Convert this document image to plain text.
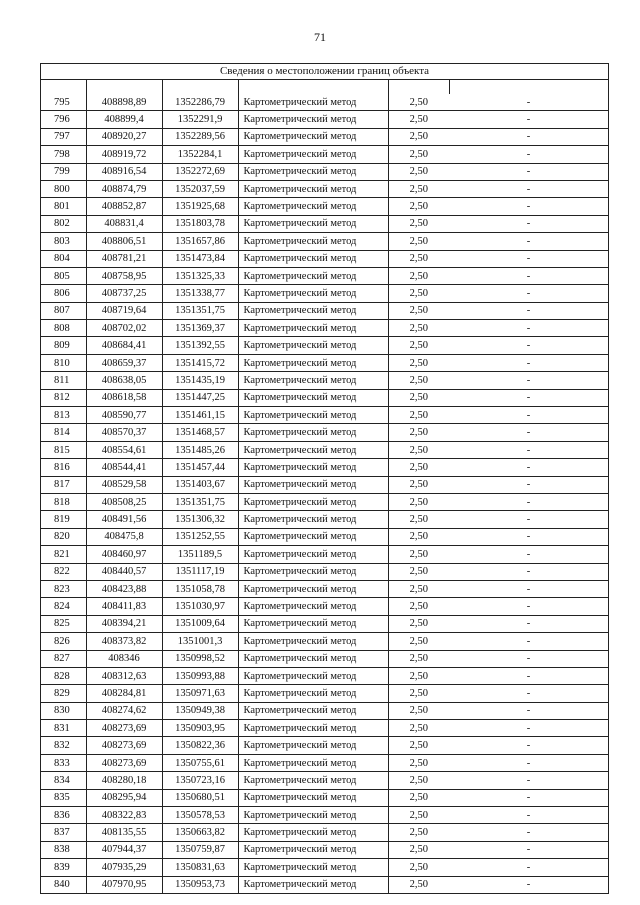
71
Сведения о местоположении границ объекта

795	408898,89	1352286,79	Картометрический метод	2,50	-
796	408899,4	1352291,9	Картометрический метод	2,50	-
797	408920,27	1352289,56	Картометрический метод	2,50	-
798	408919,72	1352284,1	Картометрический метод	2,50	-
799	408916,54	1352272,69	Картометрический метод	2,50	-
800	408874,79	1352037,59	Картометрический метод	2,50	-
801	408852,87	1351925,68	Картометрический метод	2,50	-
802	408831,4	1351803,78	Картометрический метод	2,50	-
803	408806,51	1351657,86	Картометрический метод	2,50	-
804	408781,21	1351473,84	Картометрический метод	2,50	-
805	408758,95	1351325,33	Картометрический метод	2,50	-
806	408737,25	1351338,77	Картометрический метод	2,50	-
807	408719,64	1351351,75	Картометрический метод	2,50	-
808	408702,02	1351369,37	Картометрический метод	2,50	-
809	408684,41	1351392,55	Картометрический метод	2,50	-
810	408659,37	1351415,72	Картометрический метод	2,50	-
811	408638,05	1351435,19	Картометрический метод	2,50	-
812	408618,58	1351447,25	Картометрический метод	2,50	-
813	408590,77	1351461,15	Картометрический метод	2,50	-
814	408570,37	1351468,57	Картометрический метод	2,50	-
815	408554,61	1351485,26	Картометрический метод	2,50	-
816	408544,41	1351457,44	Картометрический метод	2,50	-
817	408529,58	1351403,67	Картометрический метод	2,50	-
818	408508,25	1351351,75	Картометрический метод	2,50	-
819	408491,56	1351306,32	Картометрический метод	2,50	-
820	408475,8	1351252,55	Картометрический метод	2,50	-
821	408460,97	1351189,5	Картометрический метод	2,50	-
822	408440,57	1351117,19	Картометрический метод	2,50	-
823	408423,88	1351058,78	Картометрический метод	2,50	-
824	408411,83	1351030,97	Картометрический метод	2,50	-
825	408394,21	1351009,64	Картометрический метод	2,50	-
826	408373,82	1351001,3	Картометрический метод	2,50	-
827	408346	1350998,52	Картометрический метод	2,50	-
828	408312,63	1350993,88	Картометрический метод	2,50	-
829	408284,81	1350971,63	Картометрический метод	2,50	-
830	408274,62	1350949,38	Картометрический метод	2,50	-
831	408273,69	1350903,95	Картометрический метод	2,50	-
832	408273,69	1350822,36	Картометрический метод	2,50	-
833	408273,69	1350755,61	Картометрический метод	2,50	-
834	408280,18	1350723,16	Картометрический метод	2,50	-
835	408295,94	1350680,51	Картометрический метод	2,50	-
836	408322,83	1350578,53	Картометрический метод	2,50	-
837	408135,55	1350663,82	Картометрический метод	2,50	-
838	407944,37	1350759,87	Картометрический метод	2,50	-
839	407935,29	1350831,63	Картометрический метод	2,50	-
840	407970,95	1350953,73	Картометрический метод	2,50	-
